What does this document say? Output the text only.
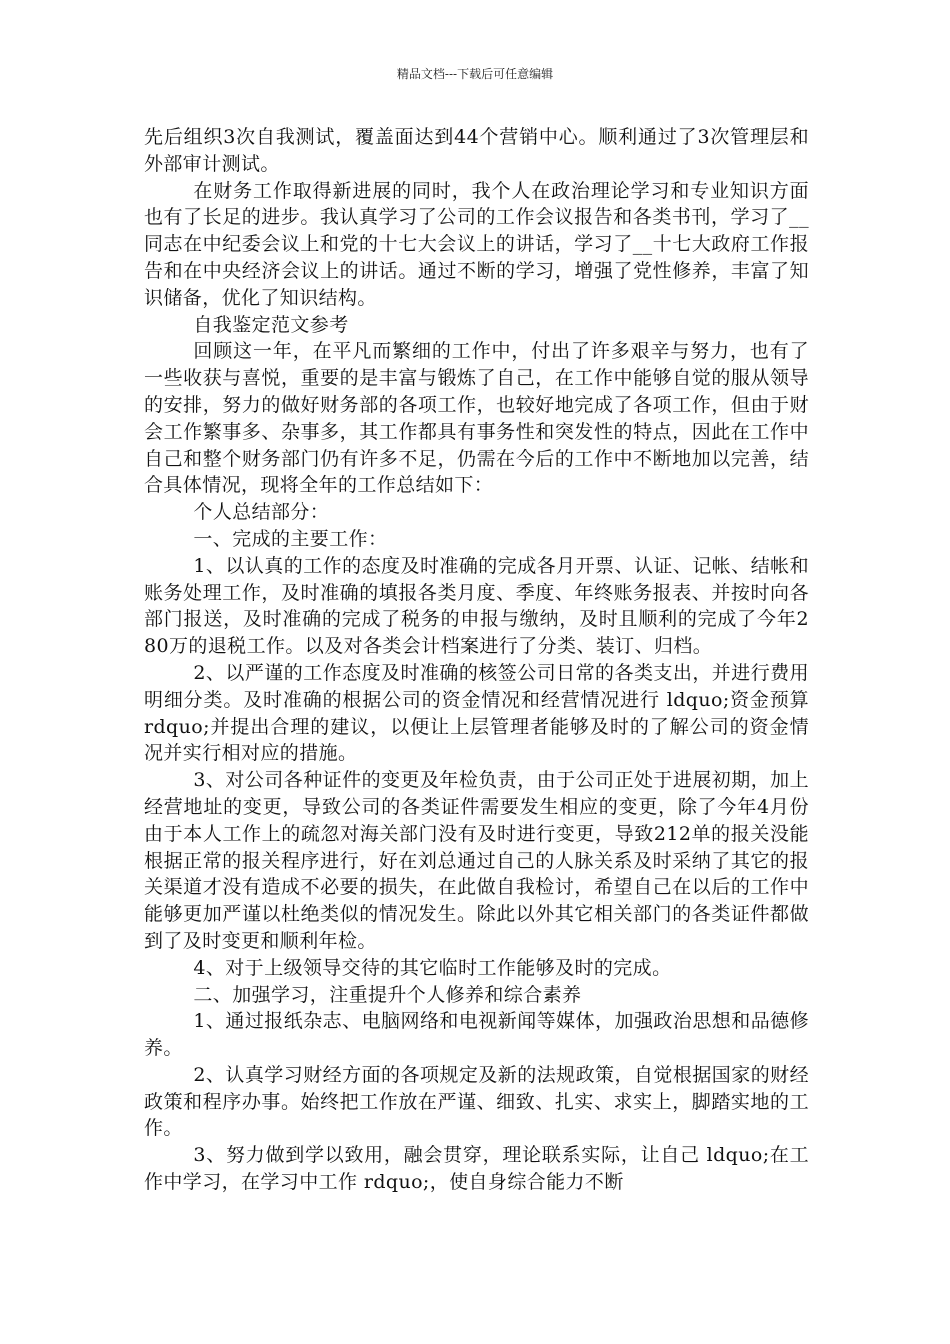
精品文档---下载后可任意编辑

先后组织3次自我测试，覆盖面达到44个营销中心。顺利通过了3次管理层和外部审计测试。

在财务工作取得新进展的同时，我个人在政治理论学习和专业知识方面也有了长足的进步。我认真学习了公司的工作会议报告和各类书刊，学习了__同志在中纪委会议上和党的十七大会议上的讲话，学习了__十七大政府工作报告和在中央经济会议上的讲话。通过不断的学习，增强了党性修养，丰富了知识储备，优化了知识结构。

自我鉴定范文参考

回顾这一年，在平凡而繁细的工作中，付出了许多艰辛与努力，也有了一些收获与喜悦，重要的是丰富与锻炼了自己，在工作中能够自觉的服从领导的安排，努力的做好财务部的各项工作，也较好地完成了各项工作，但由于财会工作繁事多、杂事多，其工作都具有事务性和突发性的特点，因此在工作中自己和整个财务部门仍有许多不足，仍需在今后的工作中不断地加以完善，结合具体情况，现将全年的工作总结如下：

个人总结部分：

一、完成的主要工作：

1、以认真的工作的态度及时准确的完成各月开票、认证、记帐、结帐和账务处理工作，及时准确的填报各类月度、季度、年终账务报表、并按时向各部门报送，及时准确的完成了税务的申报与缴纳，及时且顺利的完成了今年280万的退税工作。以及对各类会计档案进行了分类、装订、归档。

2、以严谨的工作态度及时准确的核签公司日常的各类支出，并进行费用明细分类。及时准确的根据公司的资金情况和经营情况进行 ldquo;资金预算 rdquo;并提出合理的建议，以便让上层管理者能够及时的了解公司的资金情况并实行相对应的措施。

3、对公司各种证件的变更及年检负责，由于公司正处于进展初期，加上经营地址的变更，导致公司的各类证件需要发生相应的变更，除了今年4月份由于本人工作上的疏忽对海关部门没有及时进行变更，导致212单的报关没能根据正常的报关程序进行，好在刘总通过自己的人脉关系及时采纳了其它的报关渠道才没有造成不必要的损失，在此做自我检讨，希望自己在以后的工作中能够更加严谨以杜绝类似的情况发生。除此以外其它相关部门的各类证件都做到了及时变更和顺利年检。

4、对于上级领导交待的其它临时工作能够及时的完成。

二、加强学习，注重提升个人修养和综合素养

1、通过报纸杂志、电脑网络和电视新闻等媒体，加强政治思想和品德修养。

2、认真学习财经方面的各项规定及新的法规政策，自觉根据国家的财经政策和程序办事。始终把工作放在严谨、细致、扎实、求实上，脚踏实地的工作。

3、努力做到学以致用，融会贯穿，理论联系实际，让自己 ldquo;在工作中学习，在学习中工作 rdquo;，使自身综合能力不断
